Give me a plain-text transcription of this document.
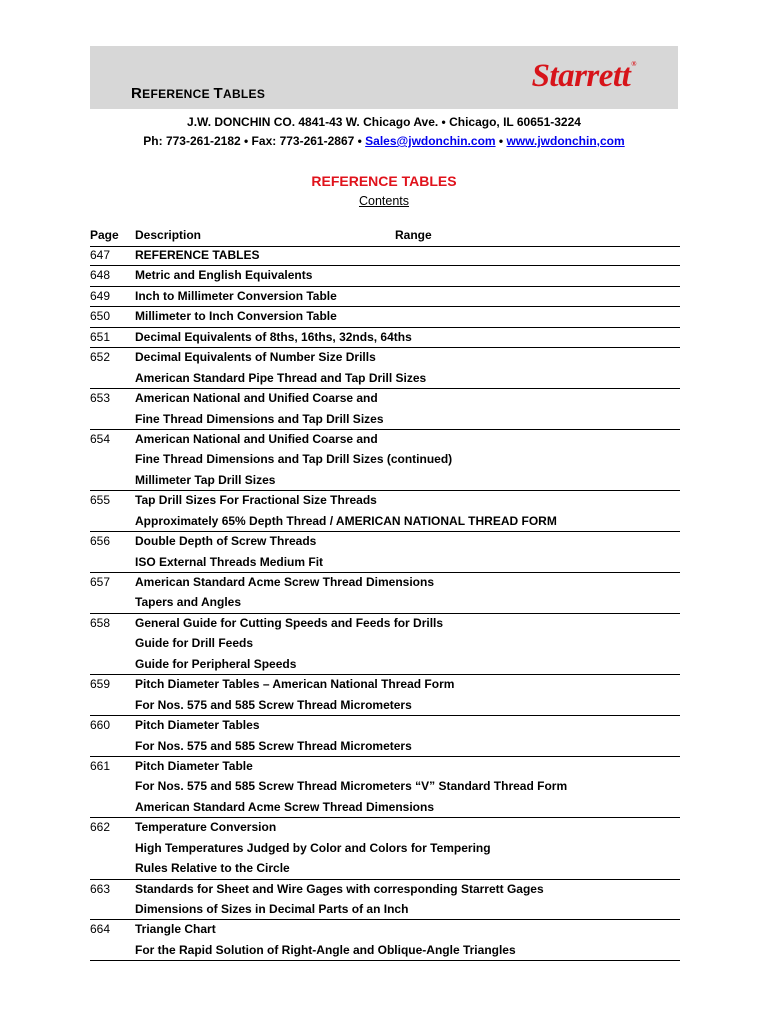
REFERENCE TABLES	Starrett®
J.W. DONCHIN CO. 4841-43 W. Chicago Ave. • Chicago, IL 60651-3224
Ph: 773-261-2182 • Fax: 773-261-2867 • Sales@jwdonchin.com • www.jwdonchin,com
REFERENCE TABLES
Contents
Page Description	Range
647 REFERENCE TABLES
648 Metric and English Equivalents
649 Inch to Millimeter Conversion Table
650 Millimeter to Inch Conversion Table
651 Decimal Equivalents of 8ths, 16ths, 32nds, 64ths
652 Decimal Equivalents of Number Size Drills
American Standard Pipe Thread and Tap Drill Sizes
653 American National and Unified Coarse and
Fine Thread Dimensions and Tap Drill Sizes
654 American National and Unified Coarse and
Fine Thread Dimensions and Tap Drill Sizes (continued)
Millimeter Tap Drill Sizes
655 Tap Drill Sizes For Fractional Size Threads
Approximately 65% Depth Thread / AMERICAN NATIONAL THREAD FORM
656 Double Depth of Screw Threads
ISO External Threads Medium Fit
657 American Standard Acme Screw Thread Dimensions
Tapers and Angles
658 General Guide for Cutting Speeds and Feeds for Drills
Guide for Drill Feeds
Guide for Peripheral Speeds
659 Pitch Diameter Tables – American National Thread Form
For Nos. 575 and 585 Screw Thread Micrometers
660 Pitch Diameter Tables
For Nos. 575 and 585 Screw Thread Micrometers
661 Pitch Diameter Table
For Nos. 575 and 585 Screw Thread Micrometers “V” Standard Thread Form
American Standard Acme Screw Thread Dimensions
662 Temperature Conversion
High Temperatures Judged by Color and Colors for Tempering
Rules Relative to the Circle
663 Standards for Sheet and Wire Gages with corresponding Starrett Gages
Dimensions of Sizes in Decimal Parts of an Inch
664 Triangle Chart
For the Rapid Solution of Right-Angle and Oblique-Angle Triangles
